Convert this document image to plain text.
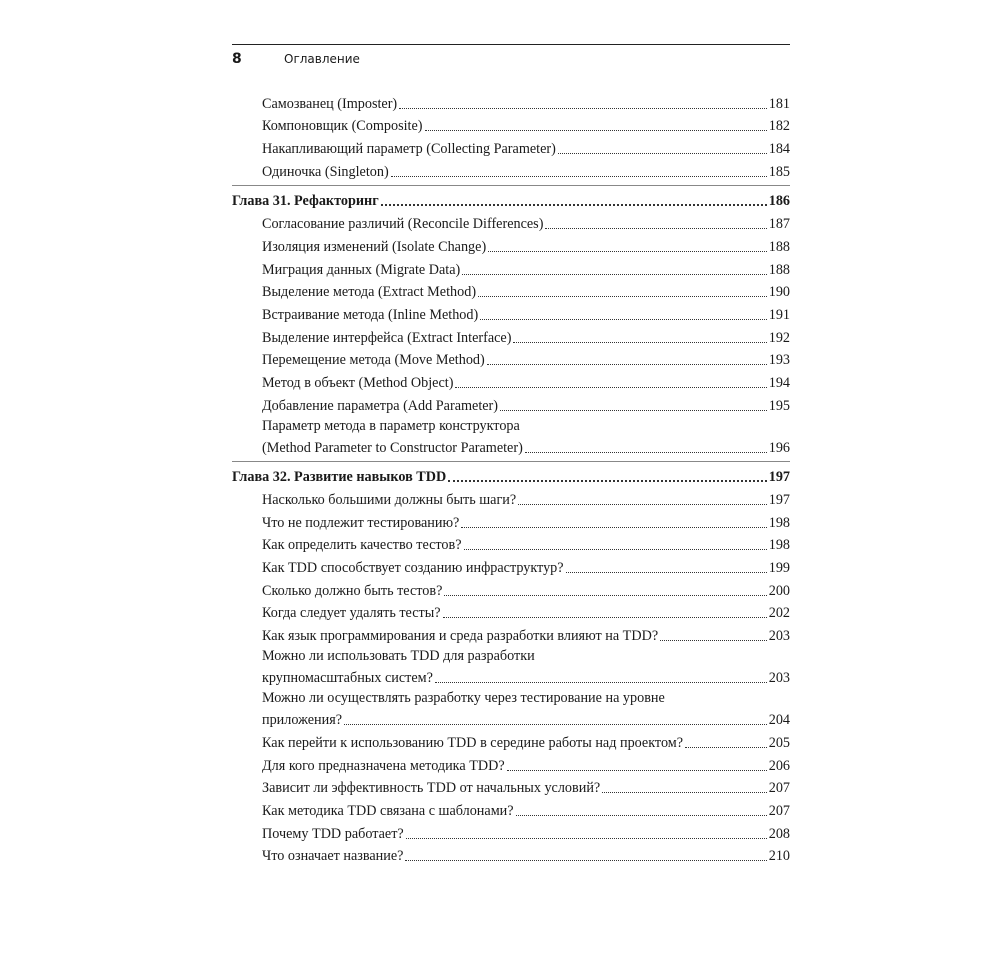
8	Оглавление
Самозванец (Imposter)	181
Компоновщик (Composite)	182
Накапливающий параметр (Collecting Parameter)	184
Одиночка (Singleton)	185
Глава 31. Рефакторинг	186
Согласование различий (Reconcile Differences)	187
Изоляция изменений (Isolate Change)	188
Миграция данных (Migrate Data)	188
Выделение метода (Extract Method)	190
Встраивание метода (Inline Method)	191
Выделение интерфейса (Extract Interface)	192
Перемещение метода (Move Method)	193
Метод в объект (Method Object)	194
Добавление параметра (Add Parameter)	195
Параметр метода в параметр конструктора
(Method Parameter to Constructor Parameter)	196
Глава 32. Развитие навыков TDD	197
Насколько большими должны быть шаги?	197
Что не подлежит тестированию?	198
Как определить качество тестов?	198
Как TDD способствует созданию инфраструктур?	199
Сколько должно быть тестов?	200
Когда следует удалять тесты?	202
Как язык программирования и среда разработки влияют на TDD?	203
Можно ли использовать TDD для разработки
крупномасштабных систем?	203
Можно ли осуществлять разработку через тестирование на уровне
приложения?	204
Как перейти к использованию TDD в середине работы над проектом?	205
Для кого предназначена методика TDD?	206
Зависит ли эффективность TDD от начальных условий?	207
Как методика TDD связана с шаблонами?	207
Почему TDD работает?	208
Что означает название?	210
